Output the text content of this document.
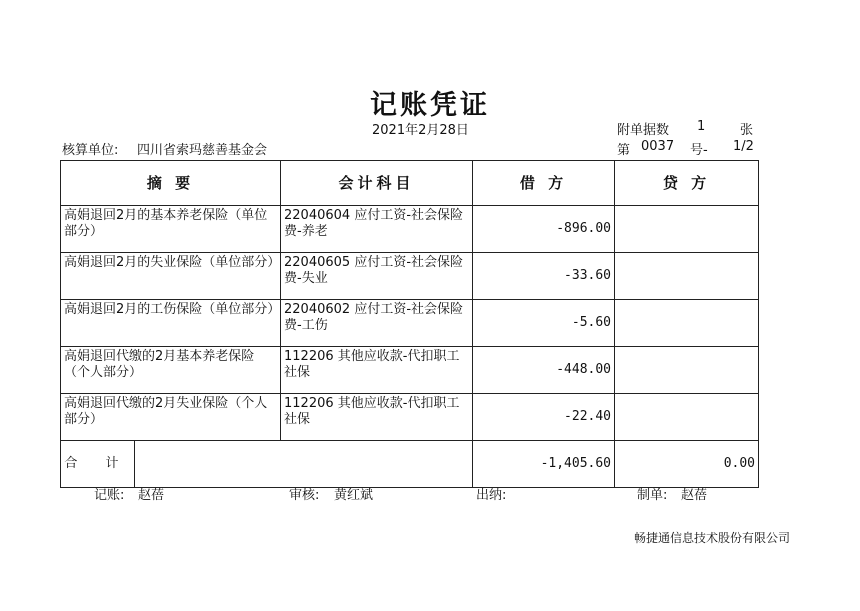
记账凭证
2021年2月28日
核算单位: 四川省索玛慈善基金会
附单据数 1	张
第 0037 号- 1/2
摘 要		会计科目	借 方	贷 方
高娟退回2月的基本养老保险（单位部分）		22040604 应付工资-社会保险费-养老	-896.00	
高娟退回2月的失业保险（单位部分）		22040605 应付工资-社会保险费-失业	-33.60	
高娟退回2月的工伤保险（单位部分）		22040602 应付工资-社会保险费-工伤	-5.60	
高娟退回代缴的2月基本养老保险（个人部分）		112206 其他应收款-代扣职工社保	-448.00	
高娟退回代缴的2月失业保险（个人部分）		112206 其他应收款-代扣职工社保	-22.40	
合 计			-1,405.60	0.00
记账: 赵蓓	审核: 黄红斌	出纳:	制单: 赵蓓
畅捷通信息技术股份有限公司
